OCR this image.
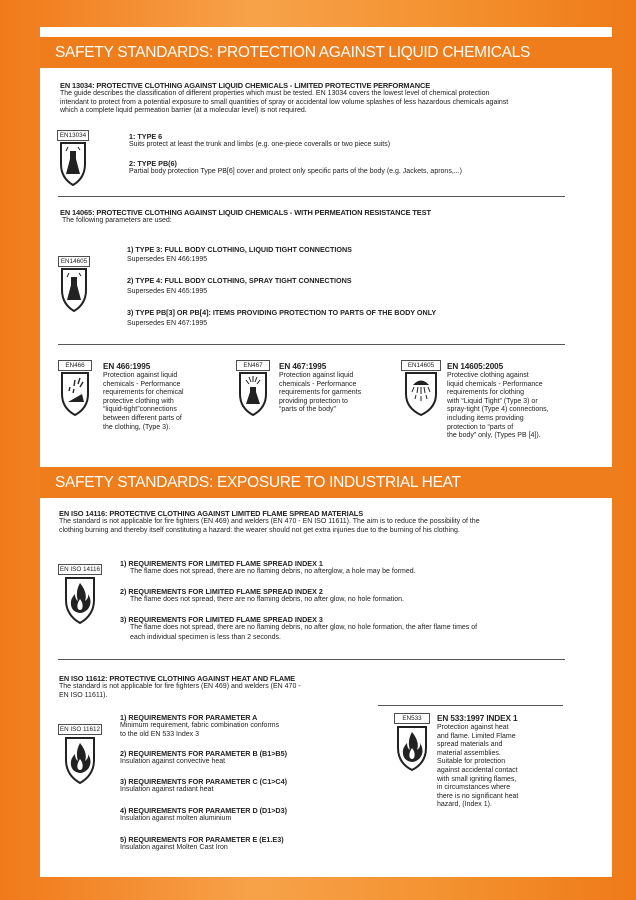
SAFETY STANDARDS: PROTECTION AGAINST LIQUID CHEMICALS
EN 13034: PROTECTIVE CLOTHING AGAINST LIQUID CHEMICALS - LIMITED PROTECTIVE PERFORMANCE
The guide describes the classification of different properties which must be tested. EN 13034 covers the lowest level of chemical protection
intendant to protect from a potential exposure to small quantities of spray or accidental low volume splashes of less hazardous chemicals against
which a complete liquid permeation barrier (at a molecular level) is not required.
EN13034	1: TYPE 6
Suits protect at least the trunk and limbs (e.g. one-piece coveralls or two piece suits)
2: TYPE PB(6)
Partial body protection Type PB[6] cover and protect only specific parts of the body (e.g. Jackets, aprons,...)
EN 14065: PROTECTIVE CLOTHING AGAINST LIQUID CHEMICALS - WITH PERMEATION RESISTANCE TEST
The following parameters are used:
EN14605
1) TYPE 3: FULL BODY CLOTHING, LIQUID TIGHT CONNECTIONS
Supersedes EN 466:1995
2) TYPE 4: FULL BODY CLOTHING, SPRAY TIGHT CONNECTIONS
Supersedes EN 465:1995
3) TYPE PB[3] OR PB[4]: ITEMS PROVIDING PROTECTION TO PARTS OF THE BODY ONLY
Supersedes EN 467:1995
EN466	EN 466:1995
Protection against liquid
chemicals - Performance
requirements for chemical
protective clothing with
“liquid-tight”connections
between different parts of
the clothing, (Type 3).
EN467	EN 467:1995
Protection against liquid
chemicals - Performance
requirements for garments
providing protection to
“parts of the body”
EN14605	EN 14605:2005
Protective clothing against
liquid chemicals - Performance
requirements for clothing
with “Liquid Tight” (Type 3) or
spray-tight (Type 4) connections,
including items providing
protection to “parts of
the body” only, (Types PB [4]).
SAFETY STANDARDS: EXPOSURE TO INDUSTRIAL HEAT
EN ISO 14116: PROTECTIVE CLOTHING AGAINST LIMITED FLAME SPREAD MATERIALS
The standard is not applicable for fire fighters (EN 469) and welders (EN 470 - EN ISO 11611). The aim is to reduce the possibility of the
clothing burning and thereby itself constituting a hazard: the wearer should not get extra injuries due to the burning of his clothing.
EN ISO 14116
1) REQUIREMENTS FOR LIMITED FLAME SPREAD INDEX 1
The flame does not spread, there are no flaming debris, no afterglow, a hole may be formed.
2) REQUIREMENTS FOR LIMITED FLAME SPREAD INDEX 2
The flame does not spread, there are no flaming debris, no after glow, no hole formation.
3) REQUIREMENTS FOR LIMITED FLAME SPREAD INDEX 3
The flame does not spread, there are no flaming debris, no after glow, no hole formation, the after flame times of
each individual specimen is less than 2 seconds.
EN ISO 11612: PROTECTIVE CLOTHING AGAINST HEAT AND FLAME
The standard is not applicable for fire fighters (EN 469) and welders (EN 470 -
EN ISO 11611).
EN ISO 11612
1) REQUIREMENTS FOR PARAMETER A
Minimum requirement, fabric combination conforms
to the old EN 533 Index 3
2) REQUIREMENTS FOR PARAMETER B (B1>B5)
Insulation against convective heat
3) REQUIREMENTS FOR PARAMETER C (C1>C4)
Insulation against radiant heat
4) REQUIREMENTS FOR PARAMETER D (D1>D3)
Insulation against molten aluminium
5) REQUIREMENTS FOR PARAMETER E (E1.E3)
Insulation against Molten Cast Iron
EN533	EN 533:1997 INDEX 1
Protection against heat
and flame. Limited Flame
spread materials and
material assemblies.
Suitable for protection
against accidental contact
with small igniting flames,
in circumstances where
there is no significant heat
hazard, (Index 1).
